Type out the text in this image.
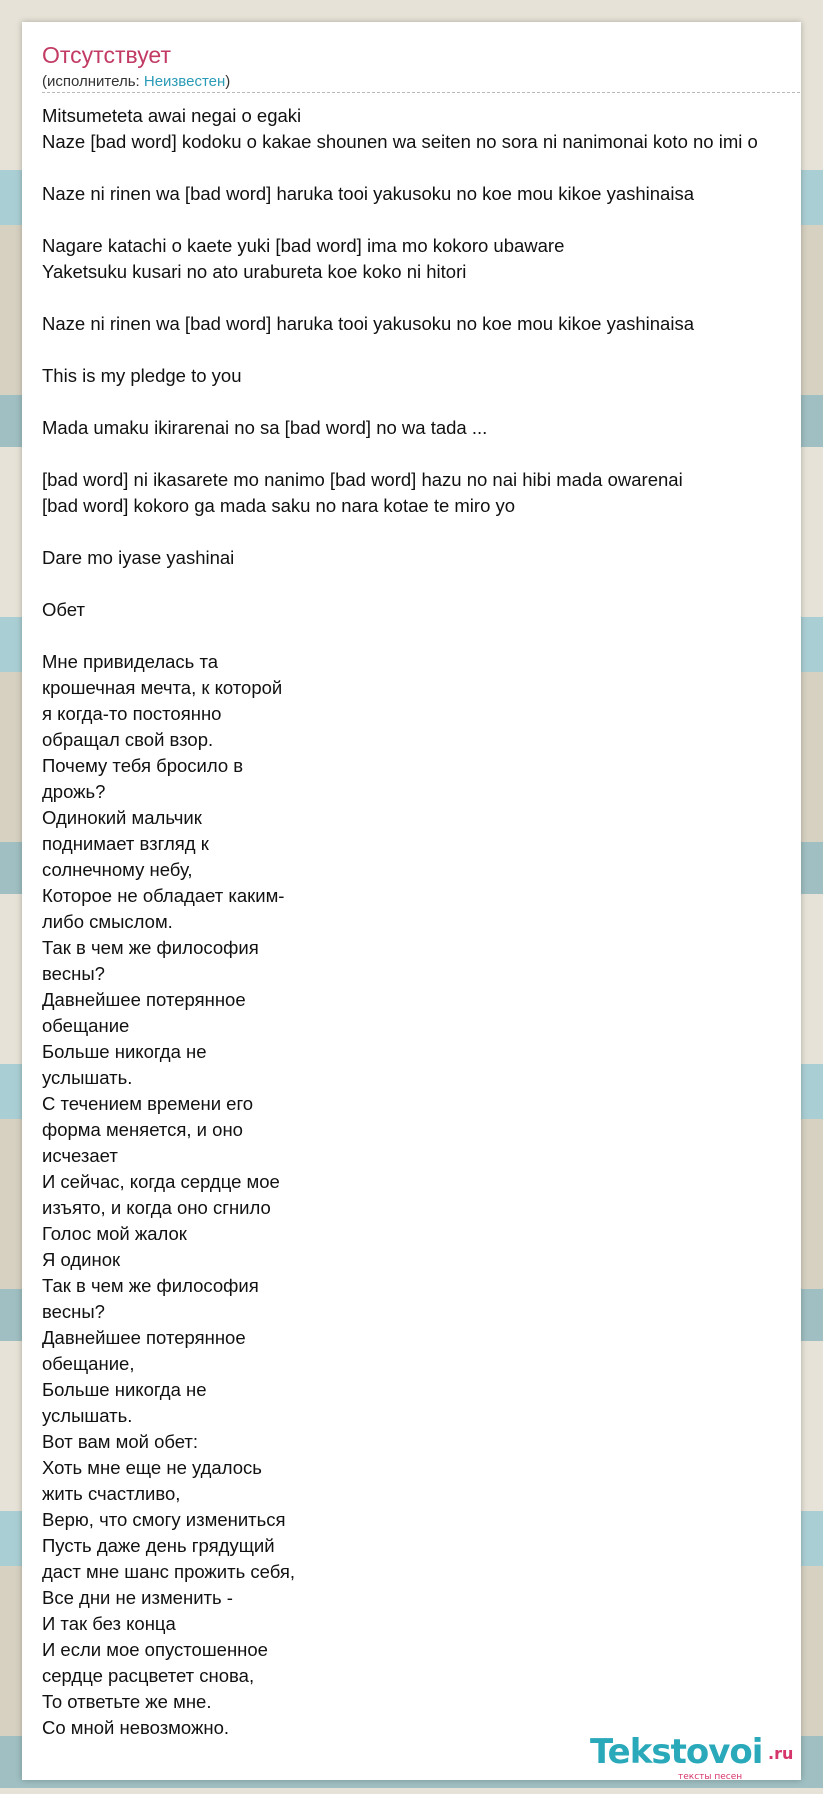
Отсутствует
(исполнитель: Неизвестен)
Mitsumeteta awai negai o egaki
Naze [bad word] kodoku o kakae shounen wa seiten no sora ni nanimonai koto no imi o
Naze ni rinen wa [bad word] haruka tooi yakusoku no koe mou kikoe yashinaisa
Nagare katachi o kaete yuki [bad word] ima mo kokoro ubaware
Yaketsuku kusari no ato urabureta koe koko ni hitori
Naze ni rinen wa [bad word] haruka tooi yakusoku no koe mou kikoe yashinaisa
This is my pledge to you
Mada umaku ikirarenai no sa [bad word] no wa tada ...
[bad word] ni ikasarete mo nanimo [bad word] hazu no nai hibi mada owarenai
[bad word] kokoro ga mada saku no nara kotae te miro yo
Dare mo iyase yashinai
Обет
Мне привиделась та
крошечная мечта, к которой
я когда-то постоянно
обращал свой взор.
Почему тебя бросило в
дрожь?
Одинокий мальчик
поднимает взгляд к
солнечному небу,
Которое не обладает каким-
либо смыслом.
Так в чем же философия
весны?
Давнейшее потерянное
обещание
Больше никогда не
услышать.
С течением времени его
форма меняется, и оно
исчезает
И сейчас, когда сердце мое
изъято, и когда оно сгнило
Голос мой жалок
Я одинок
Так в чем же философия
весны?
Давнейшее потерянное
обещание,
Больше никогда не
услышать.
Вот вам мой обет:
Хоть мне еще не удалось
жить счастливо,
Верю, что смогу измениться
Пусть даже день грядущий
даст мне шанс прожить себя,
Все дни не изменить -
И так без конца
И если мое опустошенное
сердце расцветет снова,
То ответьте же мне.
Со мной невозможно.
Tekstovoi .ru
тексты песен
